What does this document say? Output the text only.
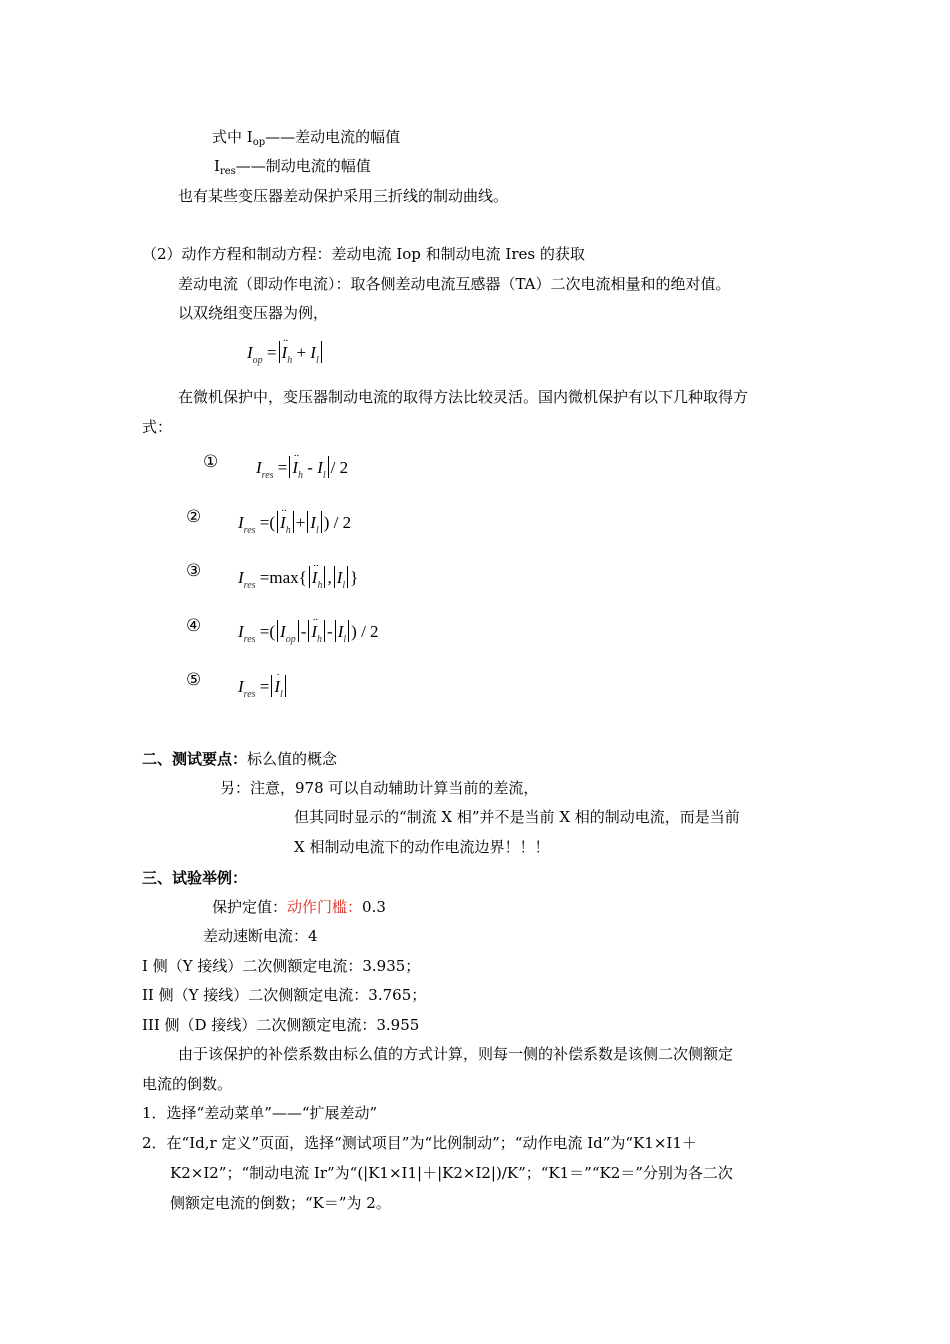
式中 $I_{op}——$差动电流的幅值
$I_{res}——$制动电流的幅值
也有某些变压器差动保护采用三折线的制动曲线。
（2）动作方程和制动方程：差动电流 Iop 和制动电流 Ires 的获取
差动电流（即动作电流）：取各侧差动电流互感器（TA）二次电流相量和的绝对值。
以双绕组变压器为例，
$I_{op}$ =·· $I_h + I_l$
在微机保护中，变压器制动电流的取得方法比较灵活。国内微机保护有以下几种取得方
式：
① $I_{res}$ =·· $I_h - I_l / 2$
② $I_{res}$ =(·· $I_h + I_l$ ) / 2
③ $I_{res} =\max\{\cdot\cdot I_h$ , $I_l$ }
④ $I_{res}$ =( $I_{op}$ -·· $I_h - I_l$ ) / 2
⑤ $I_{res} =\cdot I_l$
二、测试要点：标么值的概念
另：注意，978 可以自动辅助计算当前的差流，
但其同时显示的“制流 X 相”并不是当前 X 相的制动电流，而是当前
X 相制动电流下的动作电流边界！！！
三、试验举例：
保护定值：动作门槛：0.3
差动速断电流：4
I 侧（Y 接线）二次侧额定电流：3.935；
II 侧（Y 接线）二次侧额定电流：3.765；
III 侧（D 接线）二次侧额定电流：3.955
由于该保护的补偿系数由标么值的方式计算，则每一侧的补偿系数是该侧二次侧额定
电流的倒数。
1．选择“差动菜单”——“扩展差动”
2．在“Id,r 定义”页面，选择“测试项目”为“比例制动”；“动作电流 Id”为“K1×I1＋
K2×I2”；“制动电流 Ir”为“(|K1×I1|＋|K2×I2|)/K”；“K1＝”“K2＝”分别为各二次
侧额定电流的倒数；“K＝”为 2。
